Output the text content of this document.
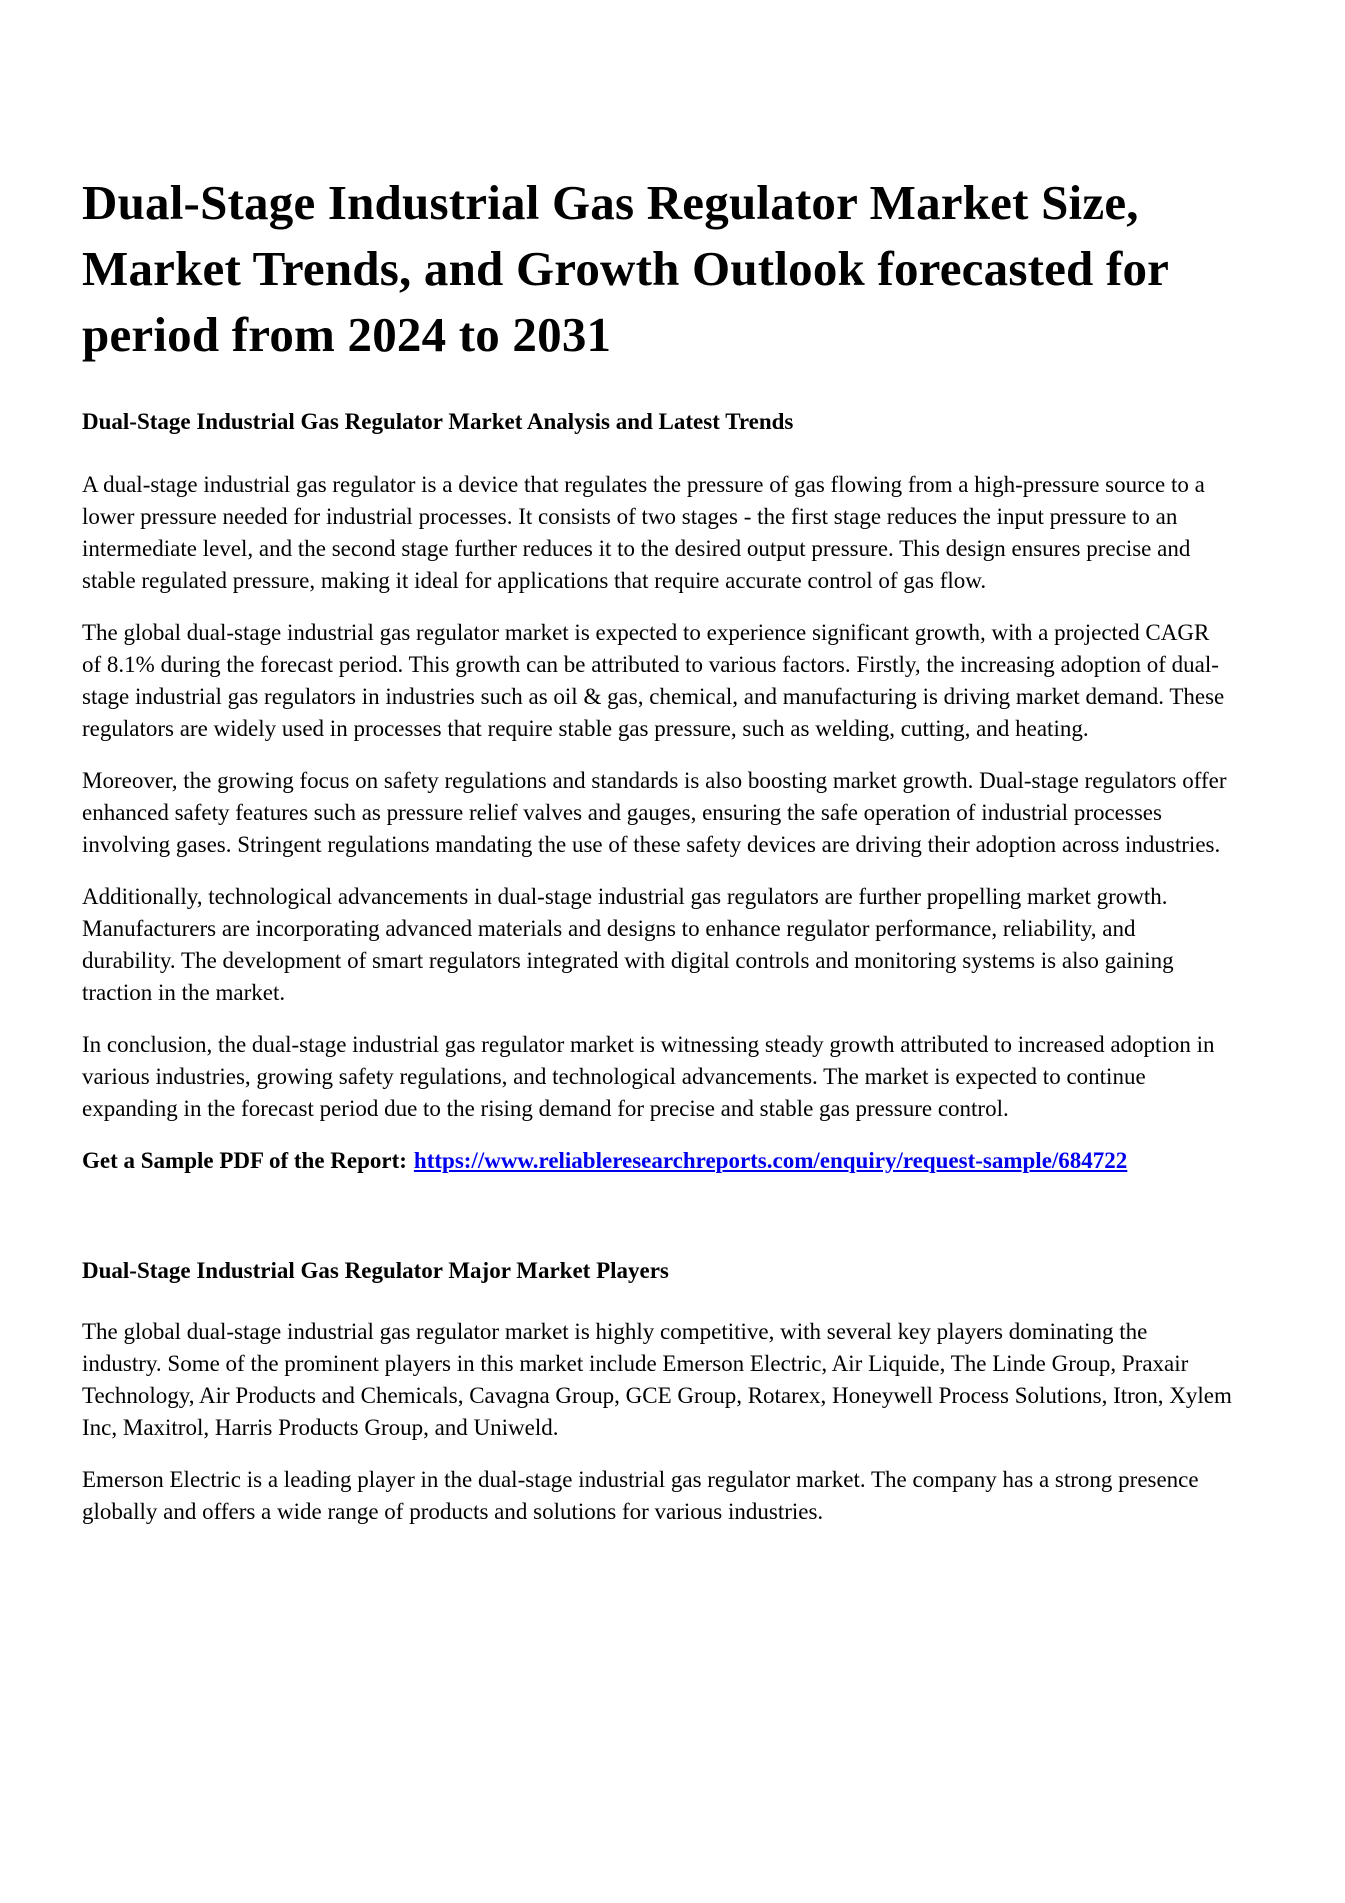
Dual-Stage Industrial Gas Regulator Market Size, Market Trends, and Growth Outlook forecasted for period from 2024 to 2031
Dual-Stage Industrial Gas Regulator Market Analysis and Latest Trends

A dual-stage industrial gas regulator is a device that regulates the pressure of gas flowing from a high-pressure source to a lower pressure needed for industrial processes. It consists of two stages - the first stage reduces the input pressure to an intermediate level, and the second stage further reduces it to the desired output pressure. This design ensures precise and stable regulated pressure, making it ideal for applications that require accurate control of gas flow.

The global dual-stage industrial gas regulator market is expected to experience significant growth, with a projected CAGR of 8.1% during the forecast period. This growth can be attributed to various factors. Firstly, the increasing adoption of dual-stage industrial gas regulators in industries such as oil & gas, chemical, and manufacturing is driving market demand. These regulators are widely used in processes that require stable gas pressure, such as welding, cutting, and heating.

Moreover, the growing focus on safety regulations and standards is also boosting market growth. Dual-stage regulators offer enhanced safety features such as pressure relief valves and gauges, ensuring the safe operation of industrial processes involving gases. Stringent regulations mandating the use of these safety devices are driving their adoption across industries.

Additionally, technological advancements in dual-stage industrial gas regulators are further propelling market growth. Manufacturers are incorporating advanced materials and designs to enhance regulator performance, reliability, and durability. The development of smart regulators integrated with digital controls and monitoring systems is also gaining traction in the market.

In conclusion, the dual-stage industrial gas regulator market is witnessing steady growth attributed to increased adoption in various industries, growing safety regulations, and technological advancements. The market is expected to continue expanding in the forecast period due to the rising demand for precise and stable gas pressure control.

Get a Sample PDF of the Report: https://www.reliableresearchreports.com/enquiry/request-sample/684722

Dual-Stage Industrial Gas Regulator Major Market Players

The global dual-stage industrial gas regulator market is highly competitive, with several key players dominating the industry. Some of the prominent players in this market include Emerson Electric, Air Liquide, The Linde Group, Praxair Technology, Air Products and Chemicals, Cavagna Group, GCE Group, Rotarex, Honeywell Process Solutions, Itron, Xylem Inc, Maxitrol, Harris Products Group, and Uniweld.

Emerson Electric is a leading player in the dual-stage industrial gas regulator market. The company has a strong presence globally and offers a wide range of products and solutions for various industries.
